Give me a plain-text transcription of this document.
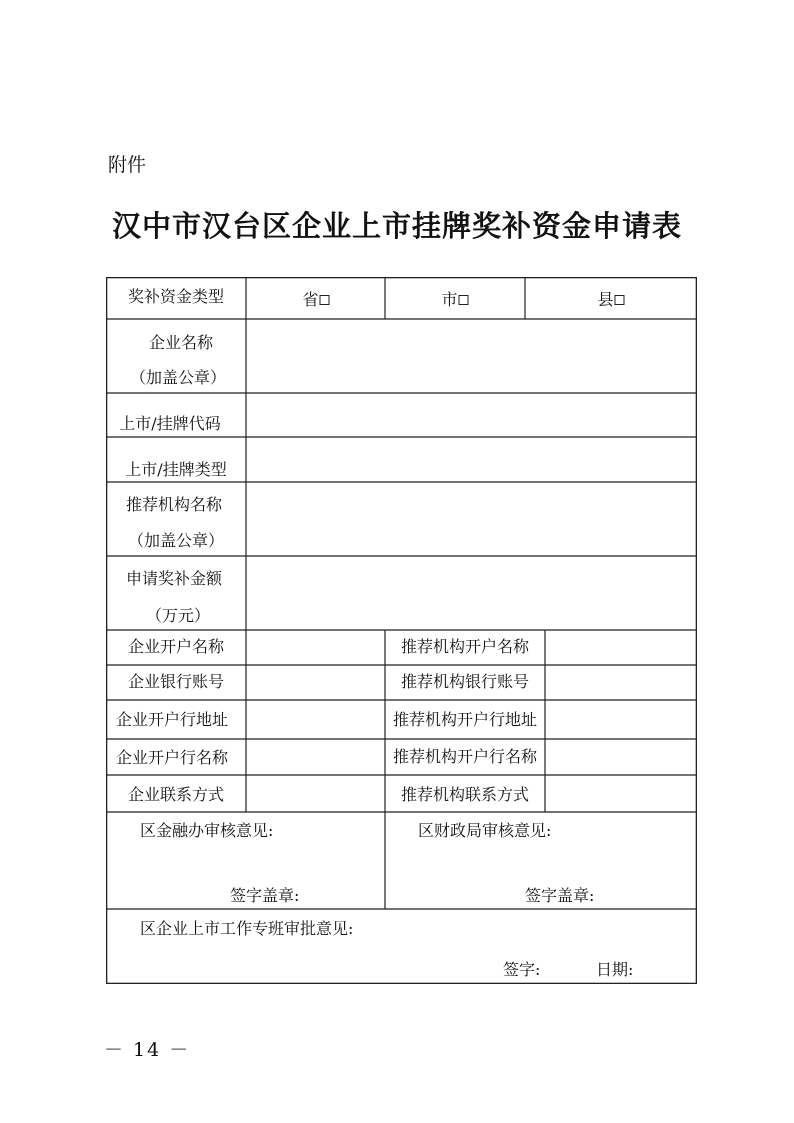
附件
汉中市汉台区企业上市挂牌奖补资金申请表
奖补资金类型	省	市	县
企业名称
（加盖公章）
上市/挂牌代码
上市/挂牌类型
推荐机构名称
（加盖公章）
申请奖补金额
（万元）
企业开户名称	推荐机构开户名称
企业银行账号	推荐机构银行账号
企业开户行地址	推荐机构开户行地址
企业开户行名称	推荐机构开户行名称
企业联系方式	推荐机构联系方式
区金融办审核意见:
签字盖章:
区财政局审核意见:
签字盖章:
区企业上市工作专班审批意见:
签字:	日期:
－ 14 －
